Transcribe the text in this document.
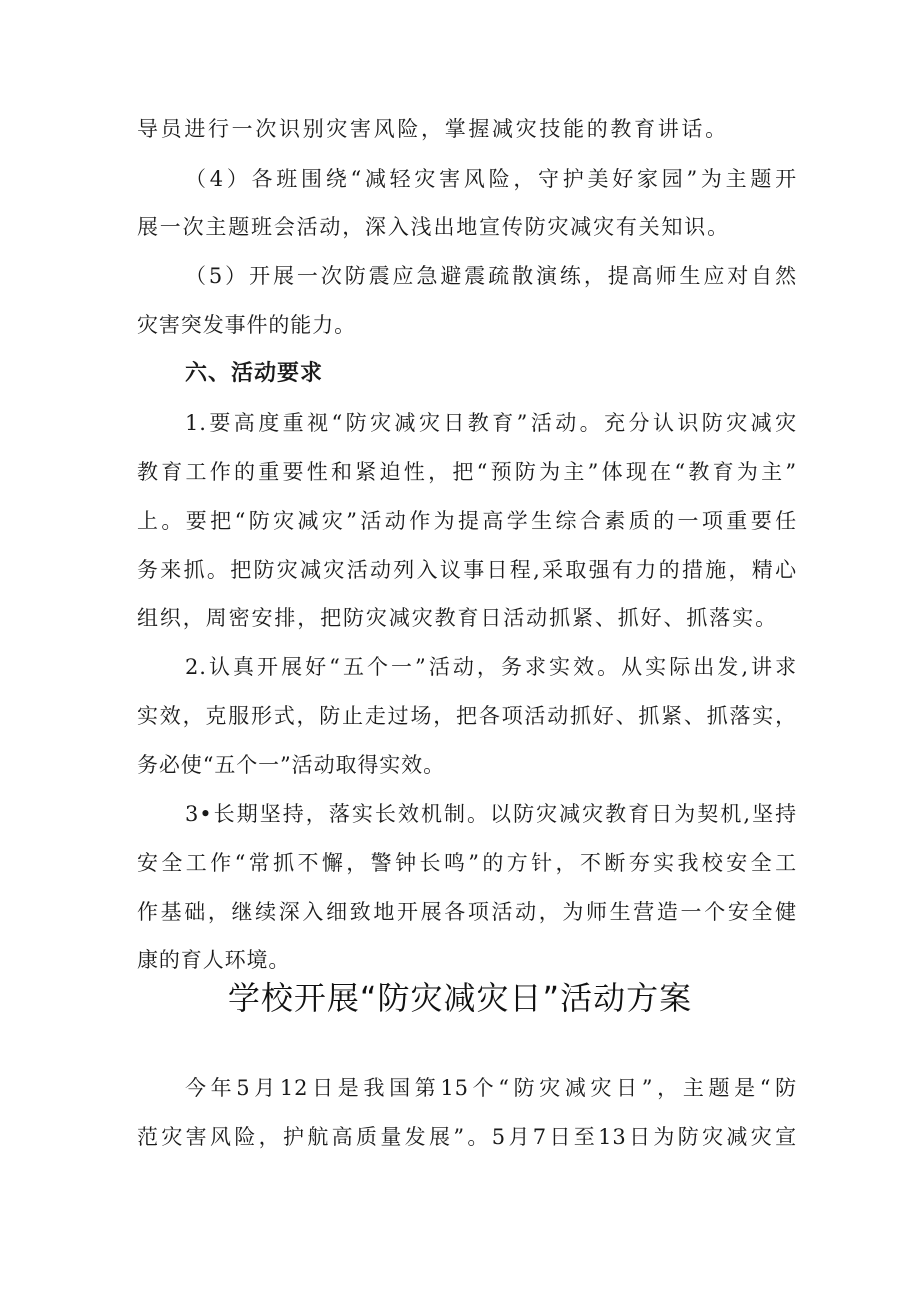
导员进行一次识别灾害风险，掌握减灾技能的教育讲话。
（4）各班围绕“减轻灾害风险，守护美好家园”为主题开
展一次主题班会活动，深入浅出地宣传防灾减灾有关知识。
（5）开展一次防震应急避震疏散演练，提高师生应对自然
灾害突发事件的能力。
六、活动要求
1.要高度重视“防灾减灾日教育”活动。充分认识防灾减灾
教育工作的重要性和紧迫性，把“预防为主”体现在“教育为主”
上。要把“防灾减灾”活动作为提高学生综合素质的一项重要任
务来抓。把防灾减灾活动列入议事日程,采取强有力的措施，精心
组织，周密安排，把防灾减灾教育日活动抓紧、抓好、抓落实。
2.认真开展好“五个一”活动，务求实效。从实际出发,讲求
实效，克服形式，防止走过场，把各项活动抓好、抓紧、抓落实，
务必使“五个一”活动取得实效。
3•长期坚持，落实长效机制。以防灾减灾教育日为契机,坚持
安全工作“常抓不懈，警钟长鸣”的方针，不断夯实我校安全工
作基础，继续深入细致地开展各项活动，为师生营造一个安全健
康的育人环境。
学校开展“防灾减灾日”活动方案
今年5月12日是我国第15个“防灾减灾日”，主题是“防
范灾害风险，护航高质量发展”。5月7日至13日为防灾减灾宣
